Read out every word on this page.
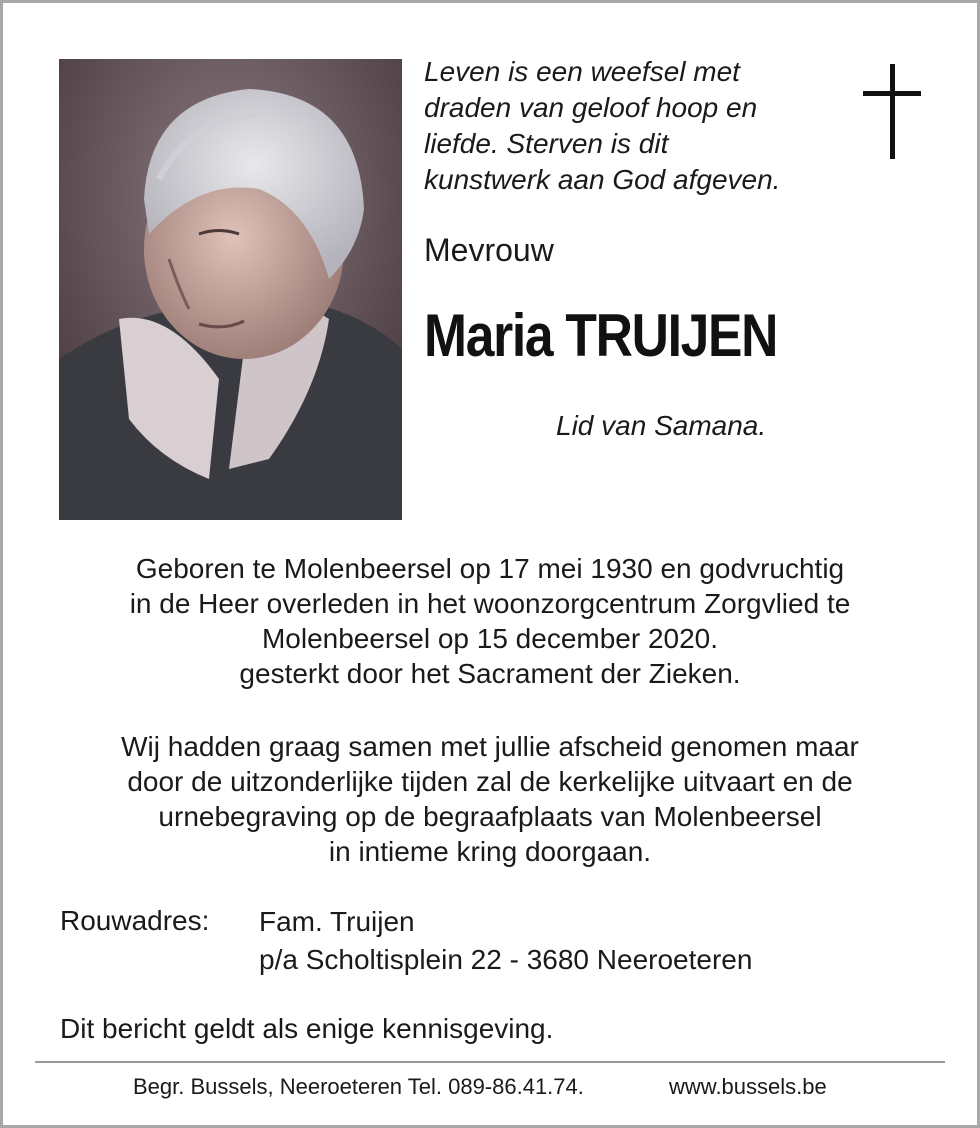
Leven is een weefsel met
draden van geloof hoop en
liefde. Sterven is dit
kunstwerk aan God afgeven.
Mevrouw
Maria TRUIJEN
Lid van Samana.
Geboren te Molenbeersel op 17 mei 1930 en godvruchtig
in de Heer overleden in het woonzorgcentrum Zorgvlied te
Molenbeersel op 15 december 2020.
gesterkt door het Sacrament der Zieken.
Wij hadden graag samen met jullie afscheid genomen maar
door de uitzonderlijke tijden zal de kerkelijke uitvaart en de
urnebegraving op de begraafplaats van Molenbeersel
in intieme kring doorgaan.
Rouwadres: Fam. Truijen
p/a Scholtisplein 22 - 3680 Neeroeteren
Dit bericht geldt als enige kennisgeving.
Begr. Bussels, Neeroeteren Tel. 089-86.41.74.	www.bussels.be
